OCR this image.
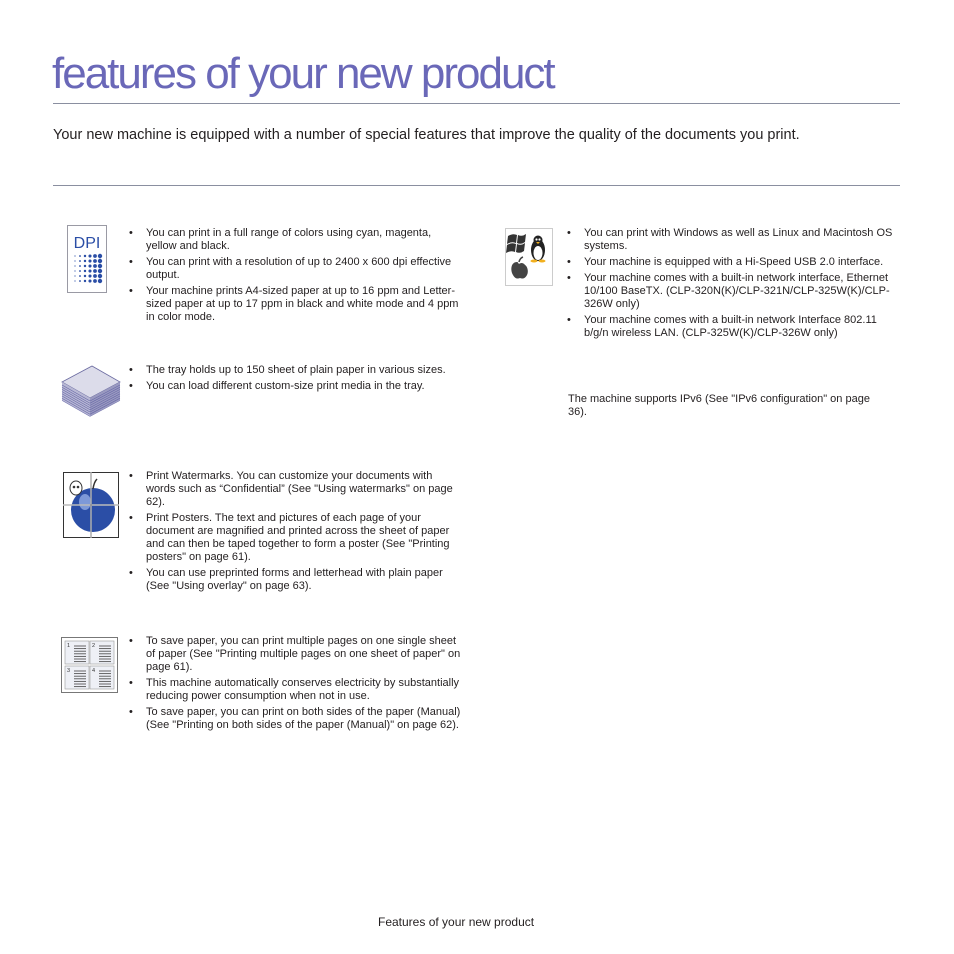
features of your new product

Your new machine is equipped with a number of special features that improve the quality of the documents you print.

DPI
• You can print in a full range of colors using cyan, magenta, yellow and black.
• You can print with a resolution of up to 2400 x 600 dpi effective output.
• Your machine prints A4-sized paper at up to 16 ppm and Letter-sized paper at up to 17 ppm in black and white mode and 4 ppm in color mode.
• The tray holds up to 150 sheet of plain paper in various sizes.
• You can load different custom-size print media in the tray.
• Print Watermarks. You can customize your documents with words such as “Confidential” (See "Using watermarks" on page 62).
• Print Posters. The text and pictures of each page of your document are magnified and printed across the sheet of paper and can then be taped together to form a poster (See "Printing posters" on page 61).
• You can use preprinted forms and letterhead with plain paper (See "Using overlay" on page 63).
1	2
3	4
• To save paper, you can print multiple pages on one single sheet of paper (See "Printing multiple pages on one sheet of paper" on page 61).
• This machine automatically conserves electricity by substantially reducing power consumption when not in use.
• To save paper, you can print on both sides of the paper (Manual) (See "Printing on both sides of the paper (Manual)" on page 62).
• You can print with Windows as well as Linux and Macintosh OS systems.
• Your machine is equipped with a Hi-Speed USB 2.0 interface.
• Your machine comes with a built-in network interface, Ethernet 10/100 BaseTX. (CLP-320N(K)/CLP-321N/CLP-325W(K)/CLP-326W only)
• Your machine comes with a built-in network Interface 802.11 b/g/n wireless LAN. (CLP-325W(K)/CLP-326W only)

The machine supports IPv6 (See "IPv6 configuration" on page 36).

Features of your new product
